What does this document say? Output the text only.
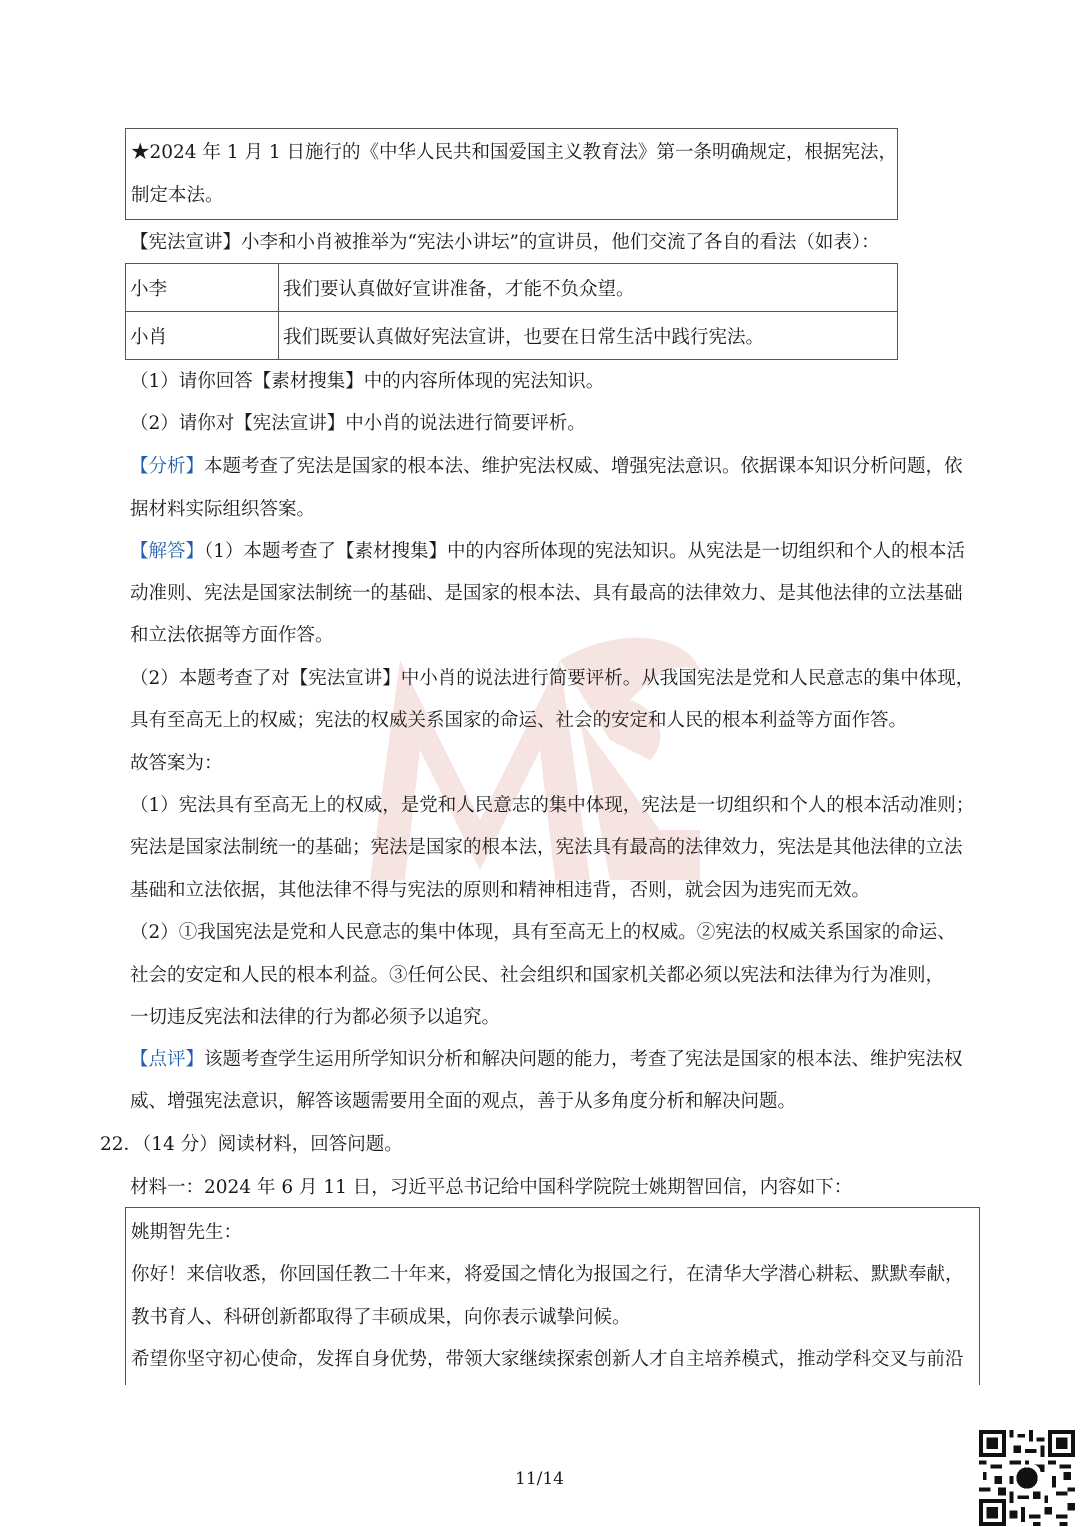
★2024 年 1 月 1 日施行的《中华人民共和国爱国主义教育法》第一条明确规定，根据宪法，
制定本法。
【宪法宣讲】小李和小肖被推举为“宪法小讲坛”的宣讲员，他们交流了各自的看法（如表）：
小李	我们要认真做好宣讲准备，才能不负众望。
小肖	我们既要认真做好宪法宣讲，也要在日常生活中践行宪法。
（1）请你回答【素材搜集】中的内容所体现的宪法知识。
（2）请你对【宪法宣讲】中小肖的说法进行简要评析。
【分析】本题考查了宪法是国家的根本法、维护宪法权威、增强宪法意识。依据课本知识分析问题，依
据材料实际组织答案。
【解答】（1）本题考查了【素材搜集】中的内容所体现的宪法知识。从宪法是一切组织和个人的根本活
动准则、宪法是国家法制统一的基础、是国家的根本法、具有最高的法律效力、是其他法律的立法基础
和立法依据等方面作答。
（2）本题考查了对【宪法宣讲】中小肖的说法进行简要评析。从我国宪法是党和人民意志的集中体现，
具有至高无上的权威；宪法的权威关系国家的命运、社会的安定和人民的根本利益等方面作答。
故答案为：
（1）宪法具有至高无上的权威，是党和人民意志的集中体现，宪法是一切组织和个人的根本活动准则；
宪法是国家法制统一的基础；宪法是国家的根本法，宪法具有最高的法律效力，宪法是其他法律的立法
基础和立法依据，其他法律不得与宪法的原则和精神相违背，否则，就会因为违宪而无效。
（2）①我国宪法是党和人民意志的集中体现，具有至高无上的权威。②宪法的权威关系国家的命运、
社会的安定和人民的根本利益。③任何公民、社会组织和国家机关都必须以宪法和法律为行为准则，
一切违反宪法和法律的行为都必须予以追究。
【点评】该题考查学生运用所学知识分析和解决问题的能力，考查了宪法是国家的根本法、维护宪法权
威、增强宪法意识，解答该题需要用全面的观点，善于从多角度分析和解决问题。
22．（14 分）阅读材料，回答问题。
材料一：2024 年 6 月 11 日，习近平总书记给中国科学院院士姚期智回信，内容如下：
姚期智先生：
你好！来信收悉，你回国任教二十年来，将爱国之情化为报国之行，在清华大学潜心耕耘、默默奉献，
教书育人、科研创新都取得了丰硕成果，向你表示诚挚问候。
希望你坚守初心使命，发挥自身优势，带领大家继续探索创新人才自主培养模式，推动学科交叉与前沿
11/14
